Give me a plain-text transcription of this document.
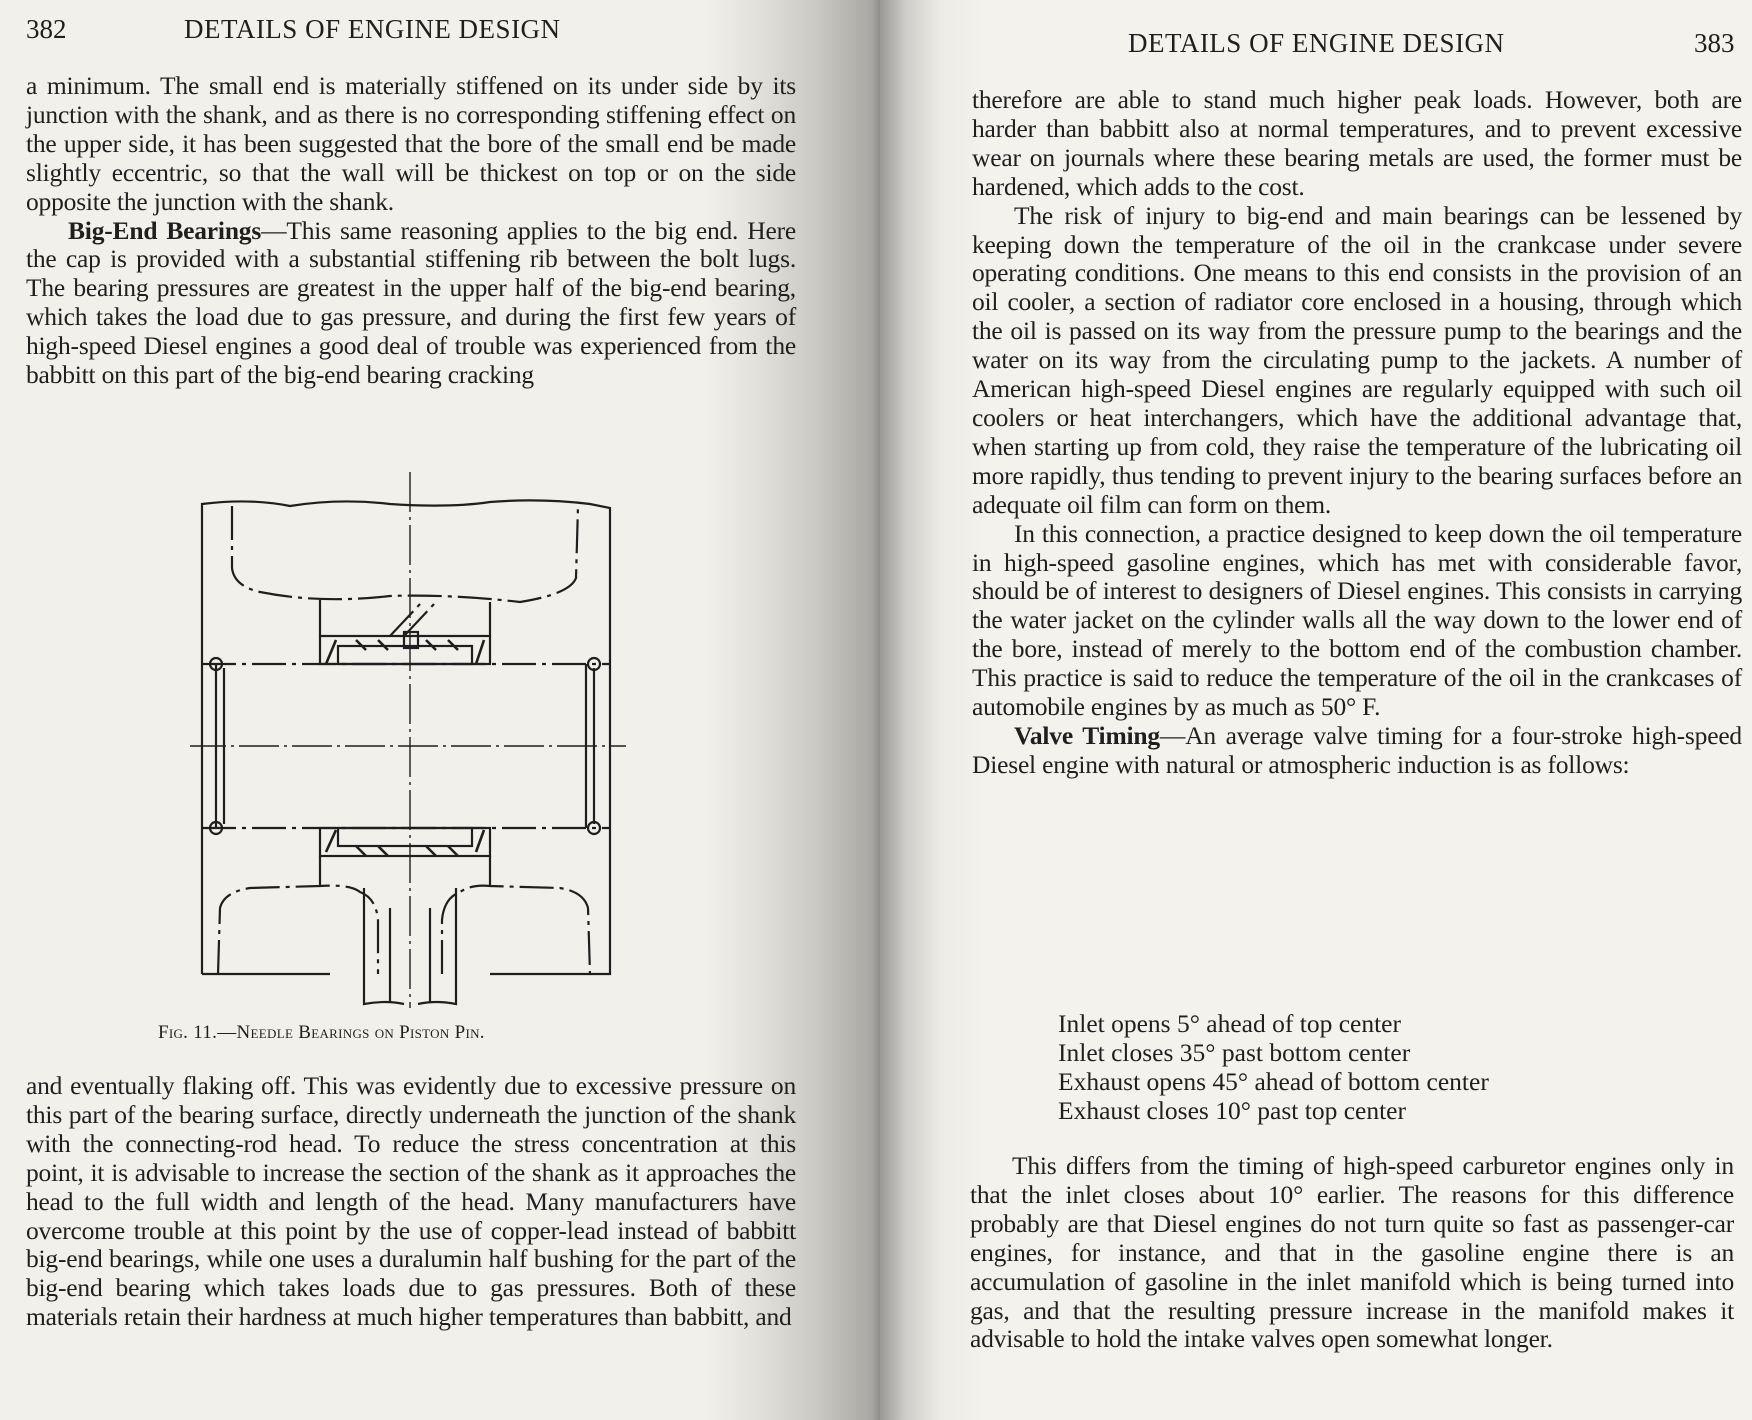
382	DETAILS OF ENGINE DESIGN

a minimum. The small end is materially stiffened on its under side by its junction with the shank, and as there is no corresponding stiffening effect on the upper side, it has been suggested that the bore of the small end be made slightly eccentric, so that the wall will be thickest on top or on the side opposite the junction with the shank.

Big-End Bearings—This same reasoning applies to the big end. Here the cap is provided with a substantial stiffening rib between the bolt lugs. The bearing pressures are greatest in the upper half of the big-end bearing, which takes the load due to gas pressure, and during the first few years of high-speed Diesel engines a good deal of trouble was experienced from the babbitt on this part of the big-end bearing cracking

Fig. 11.—Needle Bearings on Piston Pin.

and eventually flaking off. This was evidently due to excessive pressure on this part of the bearing surface, directly underneath the junction of the shank with the connecting-rod head. To reduce the stress concentration at this point, it is advisable to increase the section of the shank as it approaches the head to the full width and length of the head. Many manufacturers have overcome trouble at this point by the use of copper-lead instead of babbitt big-end bearings, while one uses a duralumin half bushing for the part of the big-end bearing which takes loads due to gas pressures. Both of these materials retain their hardness at much higher temperatures than babbitt, and

DETAILS OF ENGINE DESIGN	383

therefore are able to stand much higher peak loads. However, both are harder than babbitt also at normal temperatures, and to prevent excessive wear on journals where these bearing metals are used, the former must be hardened, which adds to the cost.

The risk of injury to big-end and main bearings can be lessened by keeping down the temperature of the oil in the crankcase under severe operating conditions. One means to this end consists in the provision of an oil cooler, a section of radiator core enclosed in a housing, through which the oil is passed on its way from the pressure pump to the bearings and the water on its way from the circulating pump to the jackets. A number of American high-speed Diesel engines are regularly equipped with such oil coolers or heat interchangers, which have the additional advantage that, when starting up from cold, they raise the temperature of the lubricating oil more rapidly, thus tending to prevent injury to the bearing surfaces before an adequate oil film can form on them.

In this connection, a practice designed to keep down the oil temperature in high-speed gasoline engines, which has met with considerable favor, should be of interest to designers of Diesel engines. This consists in carrying the water jacket on the cylinder walls all the way down to the lower end of the bore, instead of merely to the bottom end of the combustion chamber. This practice is said to reduce the temperature of the oil in the crankcases of automobile engines by as much as 50° F.

Valve Timing—An average valve timing for a four-stroke high-speed Diesel engine with natural or atmospheric induction is as follows:

Inlet opens 5° ahead of top center
Inlet closes 35° past bottom center
Exhaust opens 45° ahead of bottom center
Exhaust closes 10° past top center

This differs from the timing of high-speed carburetor engines only in that the inlet closes about 10° earlier. The reasons for this difference probably are that Diesel engines do not turn quite so fast as passenger-car engines, for instance, and that in the gasoline engine there is an accumulation of gasoline in the inlet manifold which is being turned into gas, and that the resulting pressure increase in the manifold makes it advisable to hold the intake valves open somewhat longer.
